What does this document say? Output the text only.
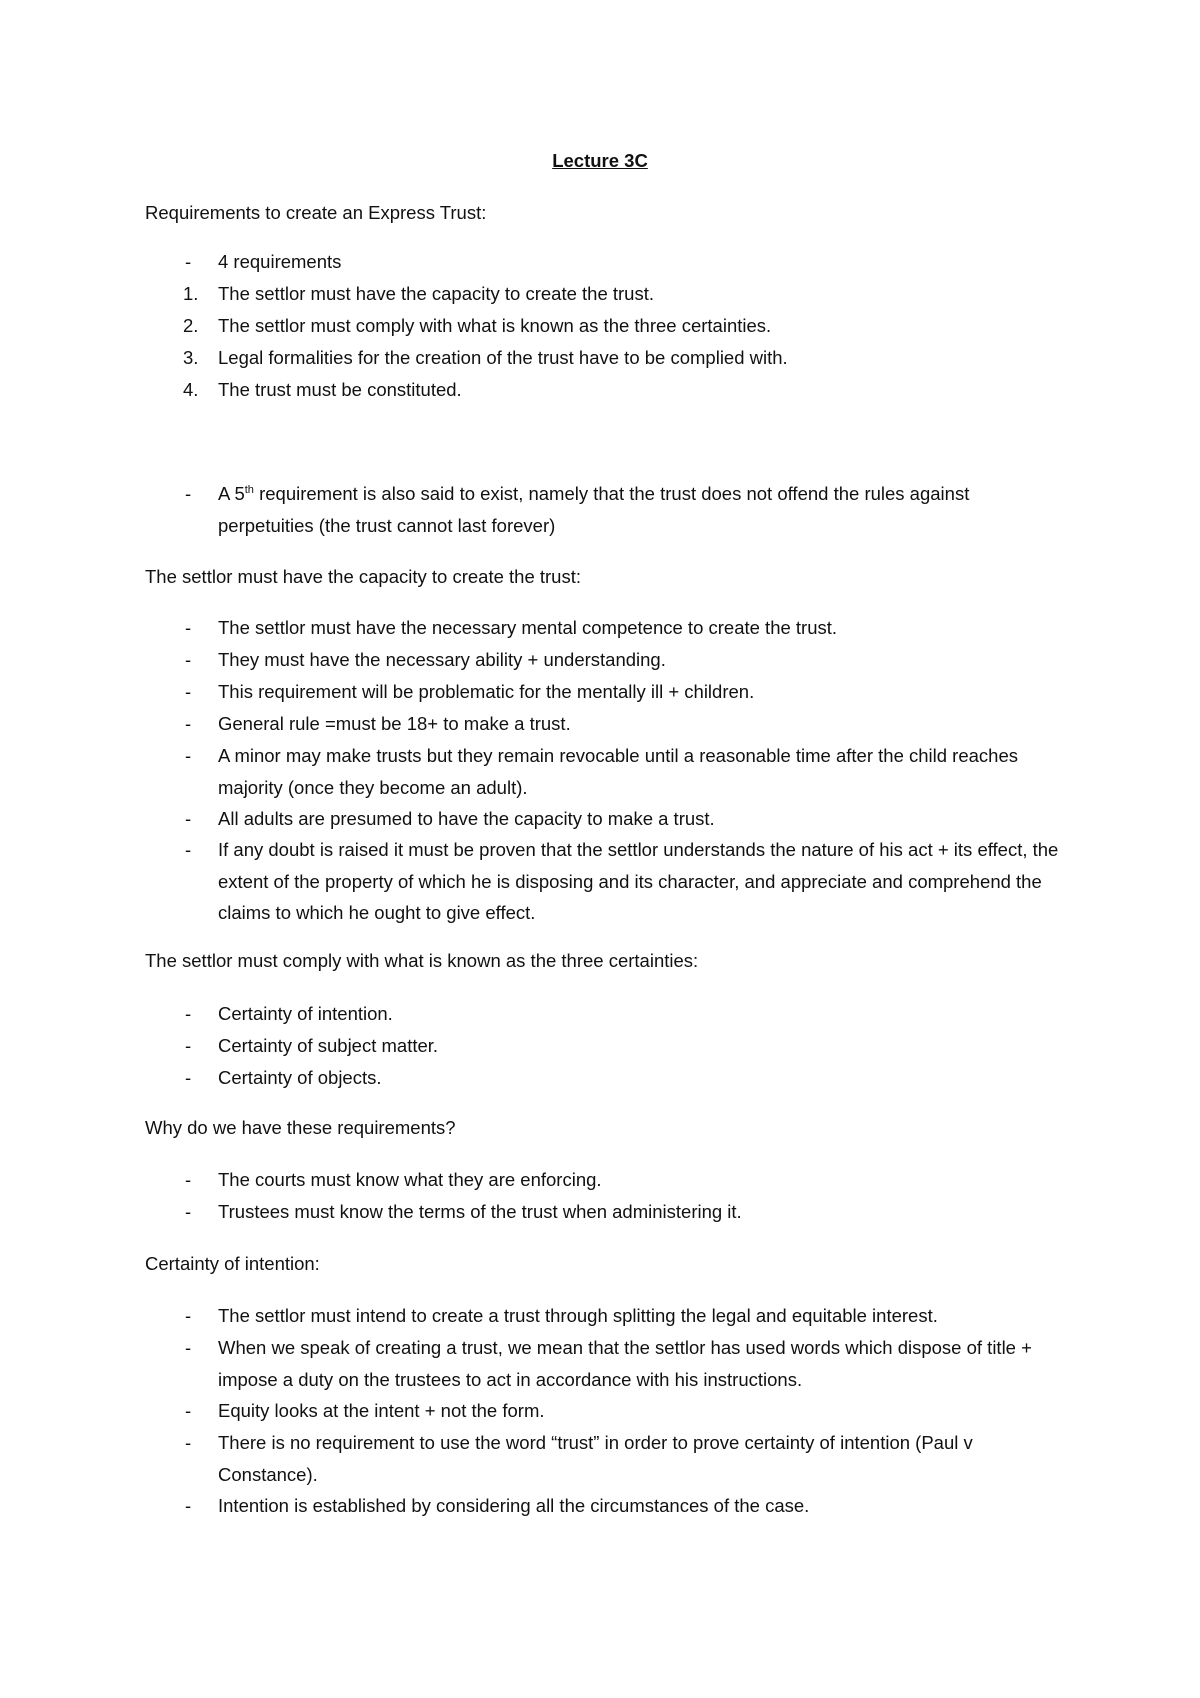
Lecture 3C
Requirements to create an Express Trust:
- 4 requirements
1. The settlor must have the capacity to create the trust.
2. The settlor must comply with what is known as the three certainties.
3. Legal formalities for the creation of the trust have to be complied with.
4. The trust must be constituted.
- A 5th requirement is also said to exist, namely that the trust does not offend the rules against perpetuities (the trust cannot last forever)
The settlor must have the capacity to create the trust:
- The settlor must have the necessary mental competence to create the trust.
- They must have the necessary ability + understanding.
- This requirement will be problematic for the mentally ill + children.
- General rule =must be 18+ to make a trust.
- A minor may make trusts but they remain revocable until a reasonable time after the child reaches majority (once they become an adult).
- All adults are presumed to have the capacity to make a trust.
- If any doubt is raised it must be proven that the settlor understands the nature of his act + its effect, the extent of the property of which he is disposing and its character, and appreciate and comprehend the claims to which he ought to give effect.
The settlor must comply with what is known as the three certainties:
- Certainty of intention.
- Certainty of subject matter.
- Certainty of objects.
Why do we have these requirements?
- The courts must know what they are enforcing.
- Trustees must know the terms of the trust when administering it.
Certainty of intention:
- The settlor must intend to create a trust through splitting the legal and equitable interest.
- When we speak of creating a trust, we mean that the settlor has used words which dispose of title + impose a duty on the trustees to act in accordance with his instructions.
- Equity looks at the intent + not the form.
- There is no requirement to use the word “trust” in order to prove certainty of intention (Paul v Constance).
- Intention is established by considering all the circumstances of the case.
